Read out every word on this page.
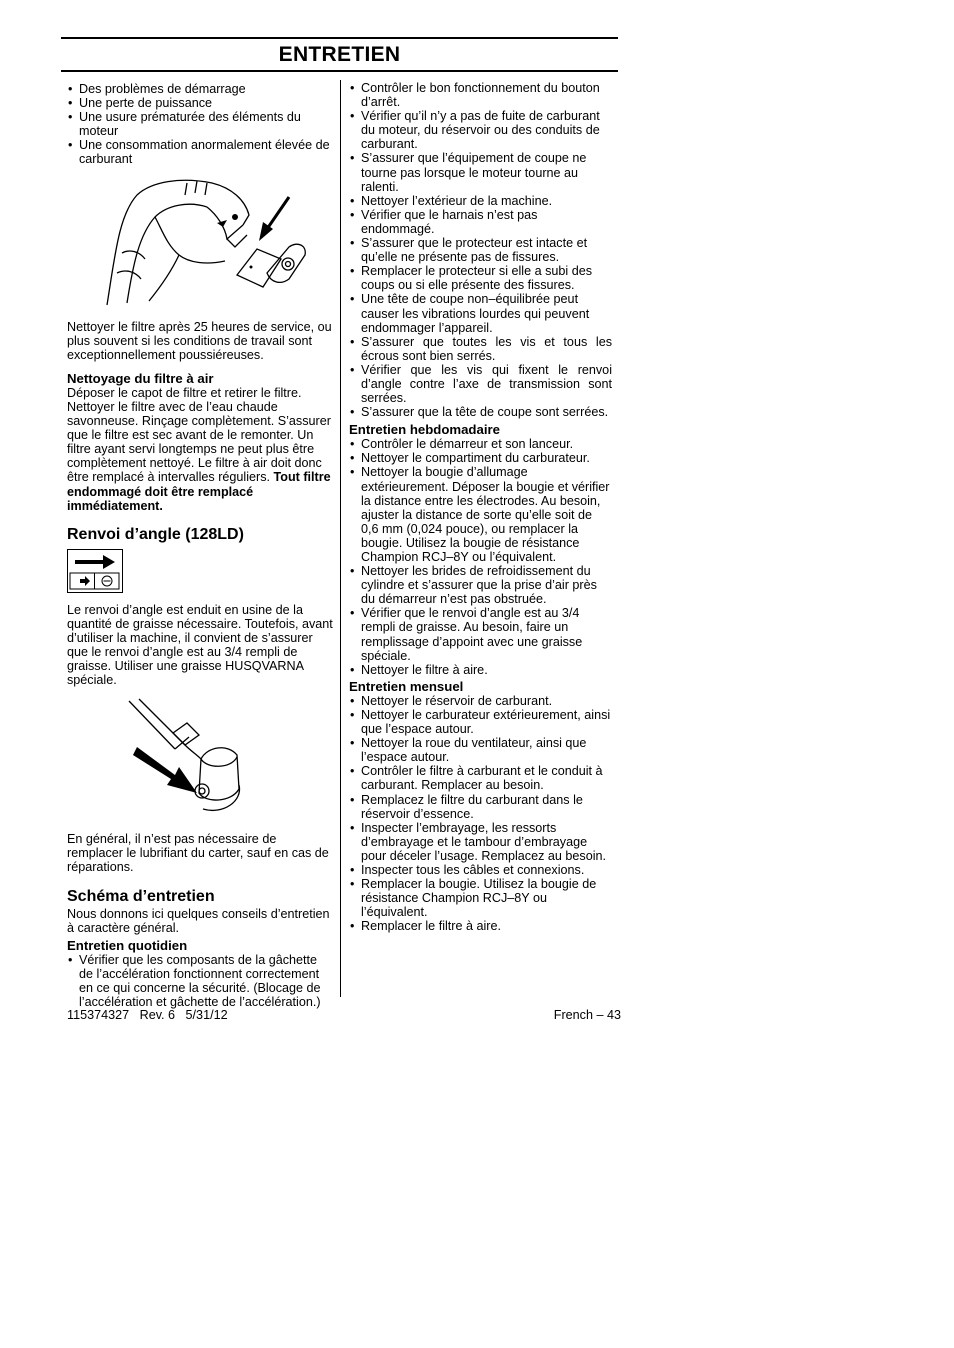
ENTRETIEN
• Des problèmes de démarrage
• Une perte de puissance
• Une usure prématurée des éléments du moteur
• Une consommation anormalement élevée de carburant

Nettoyer le filtre après 25 heures de service, ou plus souvent si les conditions de travail sont exceptionnellement poussiéreuses.

Nettoyage du filtre à air

Déposer le capot de filtre et retirer le filtre. Nettoyer le filtre avec de l’eau chaude savonneuse. Rinçage complètement. S’assurer que le filtre est sec avant de le remonter. Un filtre ayant servi longtemps ne peut plus être complètement nettoyé. Le filtre à air doit donc être remplacé à intervalles réguliers. Tout filtre endommagé doit être remplacé immédiatement.

Renvoi d’angle (128LD)

Le renvoi d’angle est enduit en usine de la quantité de graisse nécessaire. Toutefois, avant d’utiliser la machine, il convient de s’assurer que le renvoi d’angle est au 3/4 rempli de graisse. Utiliser une graisse HUSQVARNA spéciale.

En général, il n’est pas nécessaire de remplacer le lubrifiant du carter, sauf en cas de réparations.

Schéma d’entretien

Nous donnons ici quelques conseils d’entretien à caractère général.

Entretien quotidien
• Vérifier que les composants de la gâchette de l’accélération fonctionnent correctement en ce qui concerne la sécurité. (Blocage de l’accélération et gâchette de l’accélération.)
• Contrôler le bon fonctionnement du bouton d’arrêt.
• Vérifier qu’il n’y a pas de fuite de carburant du moteur, du réservoir ou des conduits de carburant.
• S’assurer que l’équipement de coupe ne tourne pas lorsque le moteur tourne au ralenti.
• Nettoyer l’extérieur de la machine.
• Vérifier que le harnais n’est pas endommagé.
• S’assurer que le protecteur est intacte et qu’elle ne présente pas de fissures.
• Remplacer le protecteur si elle a subi des coups ou si elle présente des fissures.
• Une tête de coupe non–équilibrée peut causer les vibrations lourdes qui peuvent endommager l’appareil.
• S’assurer que toutes les vis et tous les écrous sont bien serrés.
• Vérifier que les vis qui fixent le renvoi d’angle contre l’axe de transmission sont serrées.
• S’assurer que la tête de coupe sont serrées.
Entretien hebdomadaire
• Contrôler le démarreur et son lanceur.
• Nettoyer le compartiment du carburateur.
• Nettoyer la bougie d’allumage extérieurement. Déposer la bougie et vérifier la distance entre les électrodes. Au besoin, ajuster la distance de sorte qu’elle soit de 0,6 mm (0,024 pouce), ou remplacer la bougie. Utilisez la bougie de résistance Champion RCJ–8Y ou l’équivalent.
• Nettoyer les brides de refroidissement du cylindre et s’assurer que la prise d’air près du démarreur n’est pas obstruée.
• Vérifier que le renvoi d’angle est au 3/4 rempli de graisse. Au besoin, faire un remplissage d’appoint avec une graisse spéciale.
• Nettoyer le filtre à aire.
Entretien mensuel
• Nettoyer le réservoir de carburant.
• Nettoyer le carburateur extérieurement, ainsi que l’espace autour.
• Nettoyer la roue du ventilateur, ainsi que l’espace autour.
• Contrôler le filtre à carburant et le conduit à carburant. Remplacer au besoin.
• Remplacez le filtre du carburant dans le réservoir d’essence.
• Inspecter l’embrayage, les ressorts d’embrayage et le tambour d’embrayage pour déceler l’usage. Remplacez au besoin.
• Inspecter tous les câbles et connexions.
• Remplacer la bougie. Utilisez la bougie de résistance Champion RCJ–8Y ou l’équivalent.
• Remplacer le filtre à aire.
115374327   Rev. 6   5/31/12	French – 43
